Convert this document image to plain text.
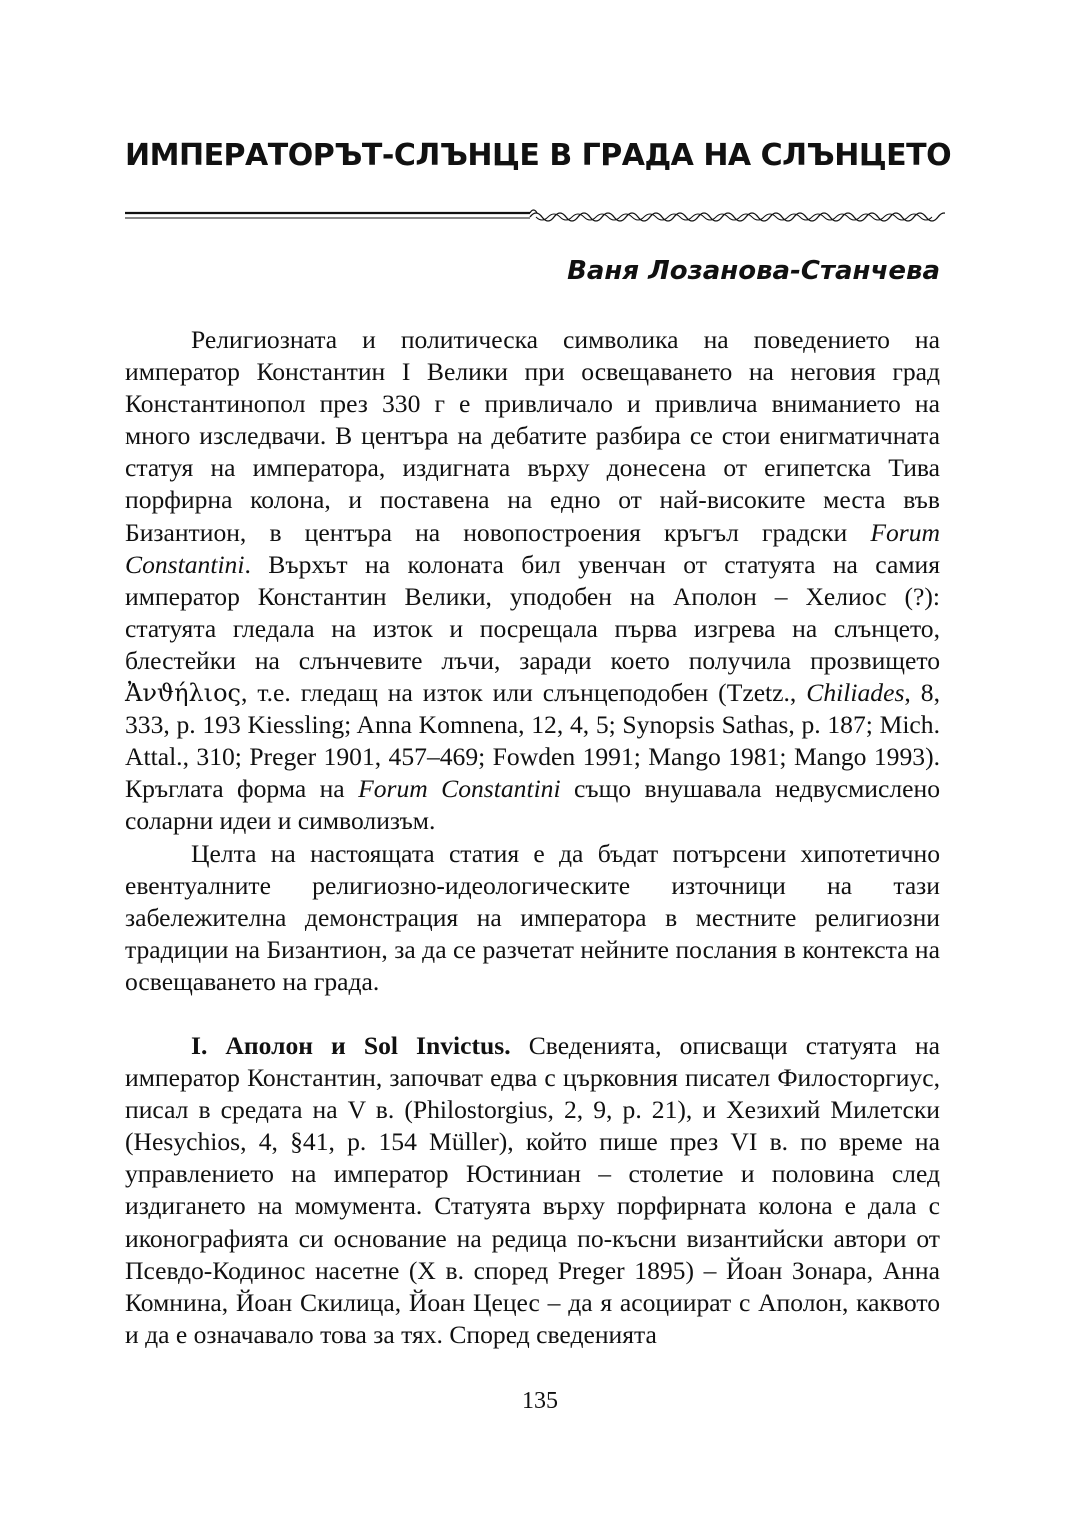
ИМПЕРАТОРЪТ-СЛЪНЦЕ В ГРАДА НА СЛЪНЦЕТО
Ваня Лозанова-Станчева

Религиозната и политическа символика на поведението на император Константин I Велики при освещаването на неговия град Константинопол през 330 г е привличало и привлича вниманието на много изследвачи. В центъра на дебатите разбира се стои енигматичната статуя на императора, издигната върху донесена от египетска Тива порфирна колона, и поставена на едно от най-високите места във Бизантион, в центъра на новопостроения кръгъл градски Forum Constantini. Върхът на колоната бил увенчан от статуята на самия император Константин Велики, уподобен на Аполон – Хелиос (?): статуята гледала на изток и посрещала първа изгрева на слънцето, блестейки на слънчевите лъчи, заради което получила прозвището Ἀνϑήλιος, т.е. гледащ на изток или слънцеподобен (Tzetz., Chiliades, 8, 333, p. 193 Kiessling; Anna Komnena, 12, 4, 5; Synopsis Sathas, p. 187; Mich. Attal., 310; Preger 1901, 457–469; Fowden 1991; Mango 1981; Mango 1993). Кръглата форма на Forum Constantini също внушавала недвусмислено соларни идеи и символизъм.

Целта на настоящата статия е да бъдат потърсени хипотетично евентуалните религиозно-идеологическите източници на тази забележителна демонстрация на императора в местните религиозни традиции на Бизантион, за да се разчетат нейните послания в контекста на освещаването на града.

I. Аполон и Sol Invictus. Сведенията, описващи статуята на император Константин, започват едва с църковния писател Филосторгиус, писал в средата на V в. (Philostorgius, 2, 9, p. 21), и Хезихий Милетски (Hesychios, 4, §41, p. 154 Müller), който пише през VI в. по време на управлението на император Юстиниан – столетие и половина след издигането на момумента. Статуята върху порфирната колона е дала с иконографията си основание на редица по-късни византийски автори от Псевдо-Кодинос насетне (X в. според Preger 1895) – Йоан Зонара, Анна Комнина, Йоан Скилица, Йоан Цецес – да я асоциират с Аполон, каквото и да е означавало това за тях. Според сведенията

135
